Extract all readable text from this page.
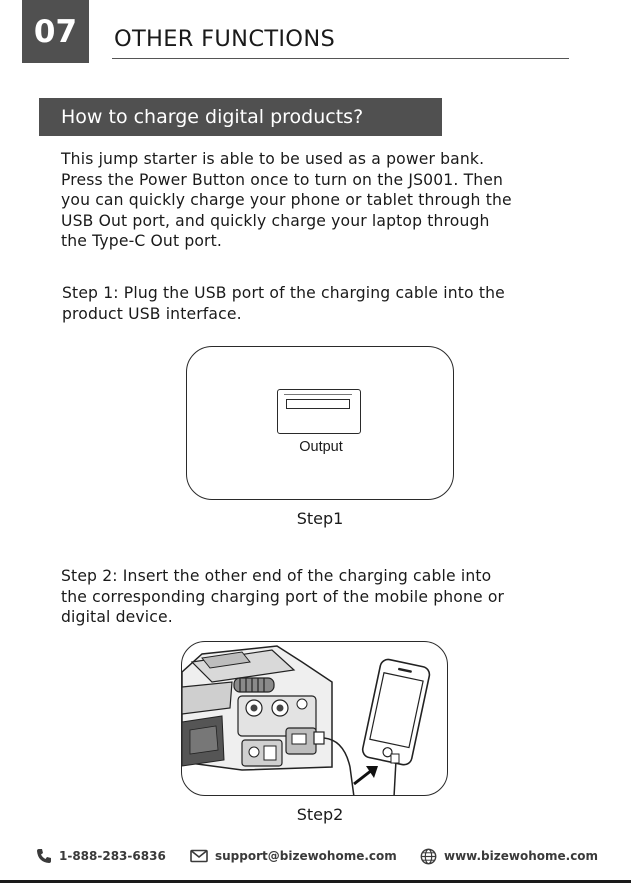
07	OTHER FUNCTIONS
How to charge digital products?
This jump starter is able to be used as a power bank.
Press the Power Button once to turn on the JS001. Then
you can quickly charge your phone or tablet through the
USB Out port, and quickly charge your laptop through
the Type-C Out port.
Step 1: Plug the USB port of the charging cable into the
product USB interface.
Output
Step1
Step 2: Insert the other end of the charging cable into
the corresponding charging port of the mobile phone or
digital device.
Step2
1-888-283-6836	support@bizewohome.com	www.bizewohome.com
